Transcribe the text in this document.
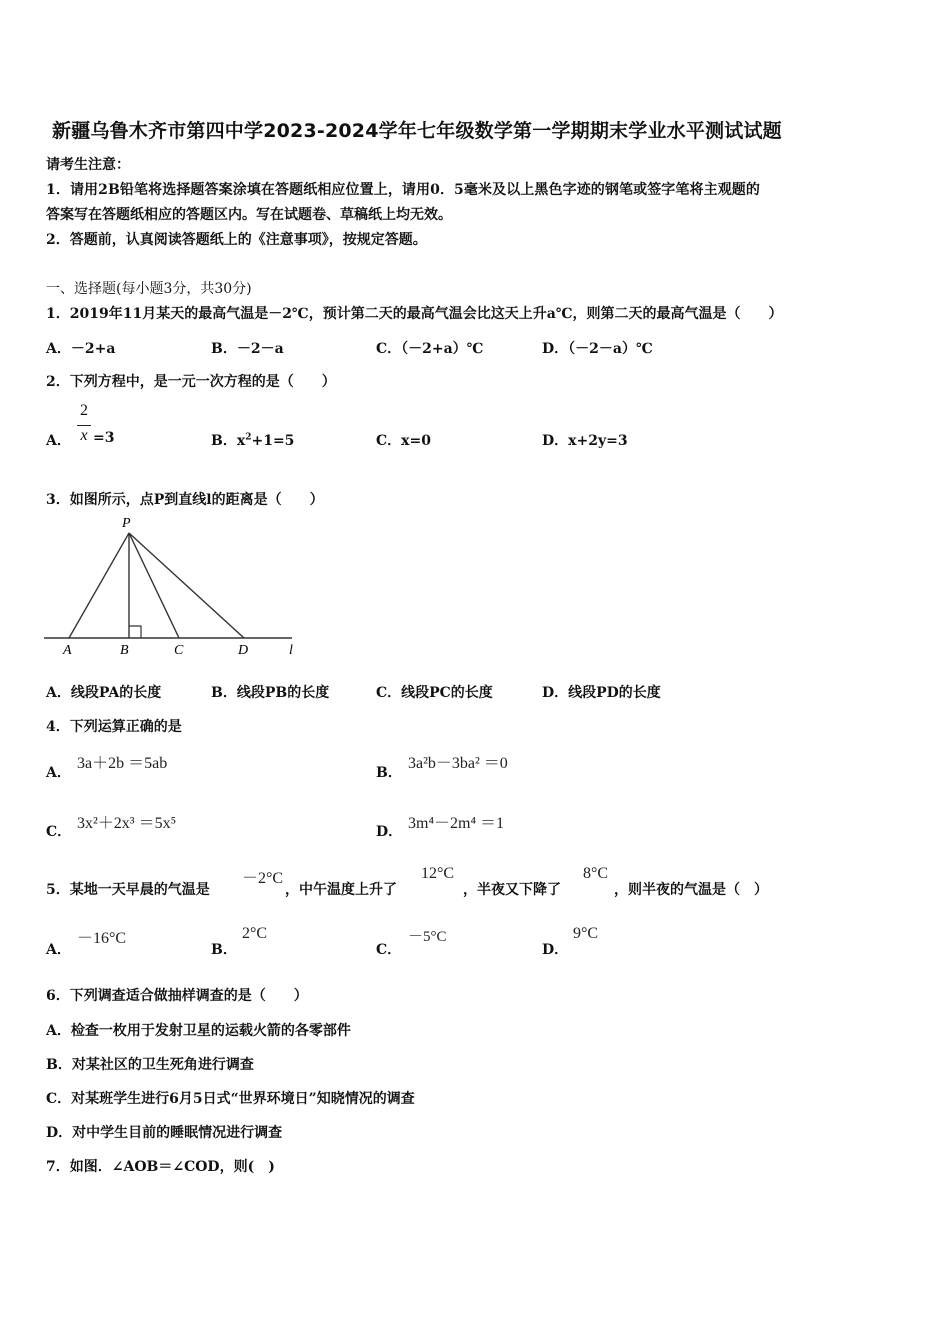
新疆乌鲁木齐市第四中学2023-2024学年七年级数学第一学期期末学业水平测试试题
请考生注意：
1．请用2B铅笔将选择题答案涂填在答题纸相应位置上，请用0．5毫米及以上黑色字迹的钢笔或签字笔将主观题的
答案写在答题纸相应的答题区内。写在试题卷、草稿纸上均无效。
2．答题前，认真阅读答题纸上的《注意事项》，按规定答题。
一、选择题(每小题3分，共30分)
1．2019年11月某天的最高气温是－2℃，预计第二天的最高气温会比这天上升a℃，则第二天的最高气温是（　　）
A．－2+a	B．－2－a	C．（－2+a）℃	D．（－2－a）℃
2．下列方程中，是一元一次方程的是（　　）
A．
2
x =3	B．$x^2+1=5$	C．x=0	D．x+2y=3
3．如图所示，点P到直线l的距离是（　　）
P
A	B	C	D	l
A．线段PA的长度	B．线段PB的长度	C．线段PC的长度	D．线段PD的长度
4．下列运算正确的是
A．
3a＋2b ＝5ab
B．
3a²b－3ba² ＝0
C． 3x²＋2x³ ＝5x⁵	D． 3m⁴－2m⁴ ＝1
5．某地一天早晨的气温是
－2°C
，中午温度上升了
12°C
，半夜又下降了
8°C
，则半夜的气温是（　）
A．
－16°C
B．
2°C
C．
－5°C
D．
9°C
6．下列调查适合做抽样调查的是（　　）
A．检查一枚用于发射卫星的运载火箭的各零部件
B．对某社区的卫生死角进行调查
C．对某班学生进行6月5日式“世界环境日”知晓情况的调查
D．对中学生目前的睡眠情况进行调查
7．如图．∠AOB＝∠COD，则(　)
